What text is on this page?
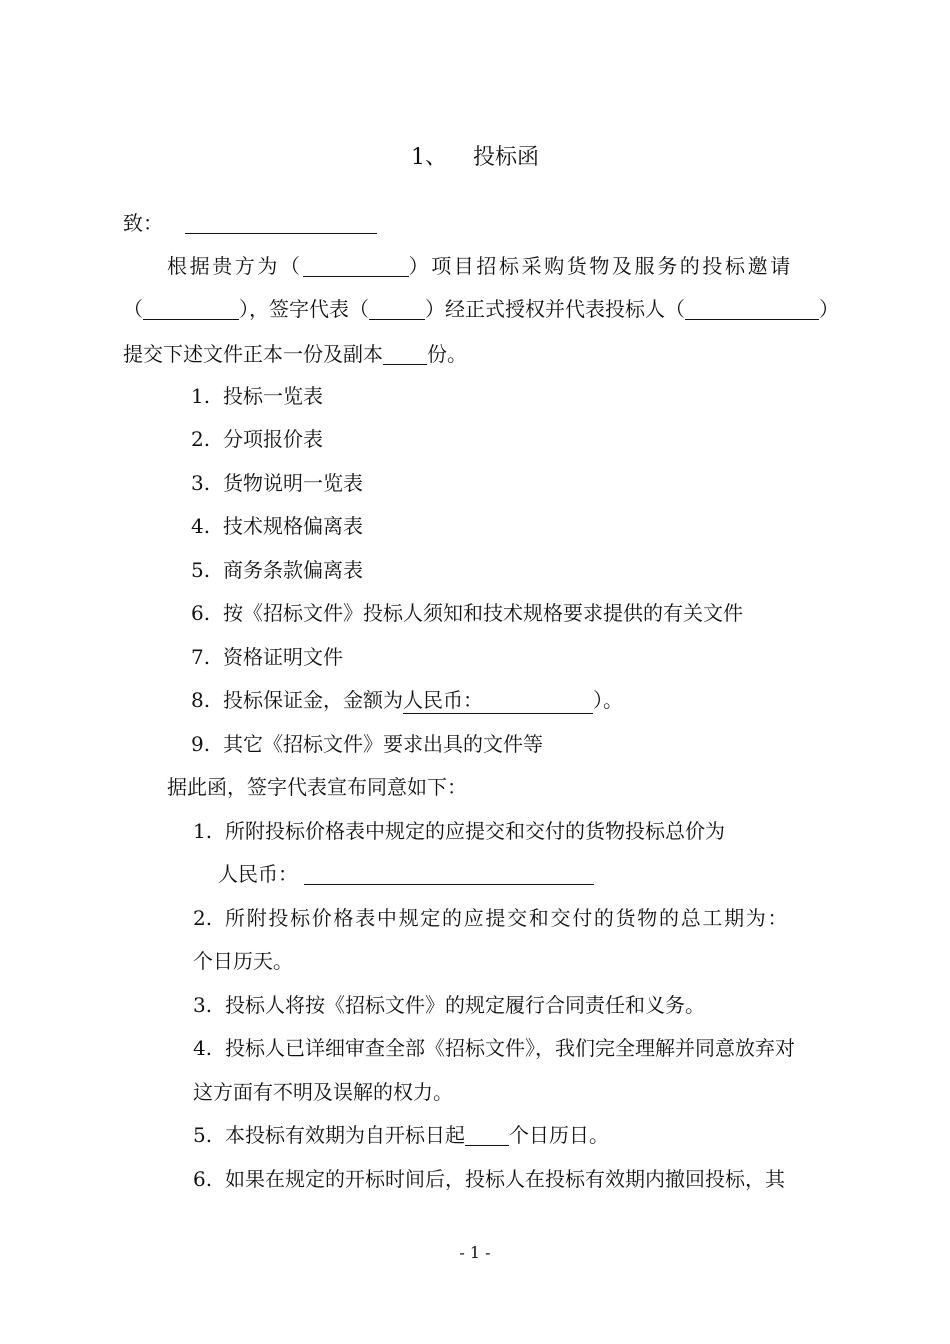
1、 投标函
致：
根据贵方为（	）项目招标采购货物及服务的投标邀请
（	），签字代表（	）经正式授权并代表投标人（	）
提交下述文件正本一份及副本 份。
1. 投标一览表
2. 分项报价表
3. 货物说明一览表
4. 技术规格偏离表
5. 商务条款偏离表
6. 按《招标文件》投标人须知和技术规格要求提供的有关文件
7. 资格证明文件
8. 投标保证金，金额为人民币：	）。
9. 其它《招标文件》要求出具的文件等
据此函，签字代表宣布同意如下：
1. 所附投标价格表中规定的应提交和交付的货物投标总价为
人民币：
2. 所附投标价格表中规定的应提交和交付的货物的总工期为：
个日历天。
3. 投标人将按《招标文件》的规定履行合同责任和义务。
4. 投标人已详细审查全部《招标文件》，我们完全理解并同意放弃对
这方面有不明及误解的权力。
5. 本投标有效期为自开标日起 个日历日。
6. 如果在规定的开标时间后，投标人在投标有效期内撤回投标，其
- 1 -
